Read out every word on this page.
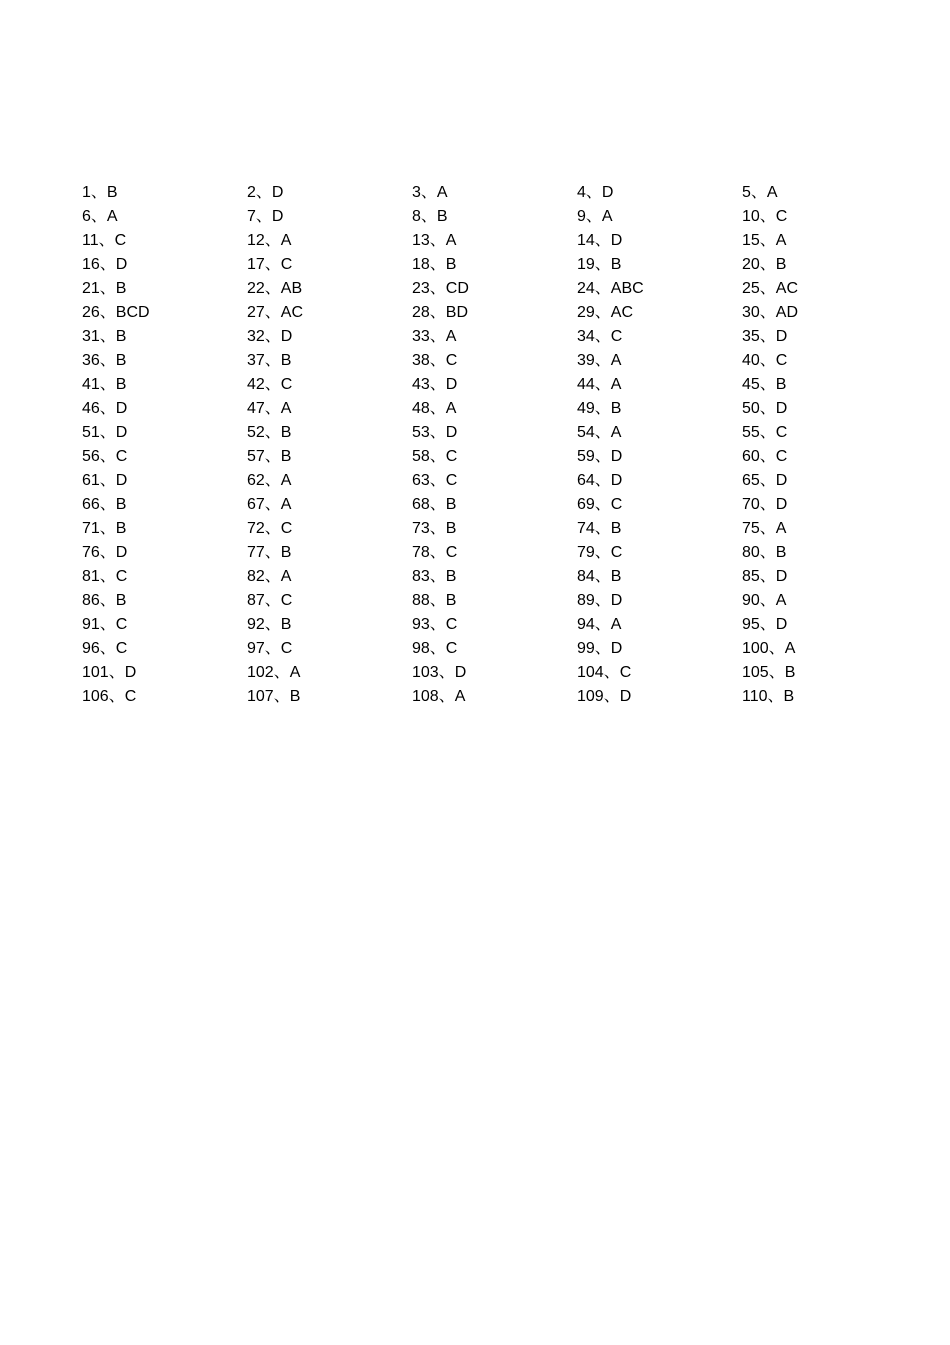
1、B	2、D	3、A	4、D	5、A
6、A	7、D	8、B	9、A	10、C
11、C	12、A	13、A	14、D	15、A
16、D	17、C	18、B	19、B	20、B
21、B	22、AB	23、CD	24、ABC	25、AC
26、BCD	27、AC	28、BD	29、AC	30、AD
31、B	32、D	33、A	34、C	35、D
36、B	37、B	38、C	39、A	40、C
41、B	42、C	43、D	44、A	45、B
46、D	47、A	48、A	49、B	50、D
51、D	52、B	53、D	54、A	55、C
56、C	57、B	58、C	59、D	60、C
61、D	62、A	63、C	64、D	65、D
66、B	67、A	68、B	69、C	70、D
71、B	72、C	73、B	74、B	75、A
76、D	77、B	78、C	79、C	80、B
81、C	82、A	83、B	84、B	85、D
86、B	87、C	88、B	89、D	90、A
91、C	92、B	93、C	94、A	95、D
96、C	97、C	98、C	99、D	100、A
101、D	102、A	103、D	104、C	105、B
106、C	107、B	108、A	109、D	110、B
